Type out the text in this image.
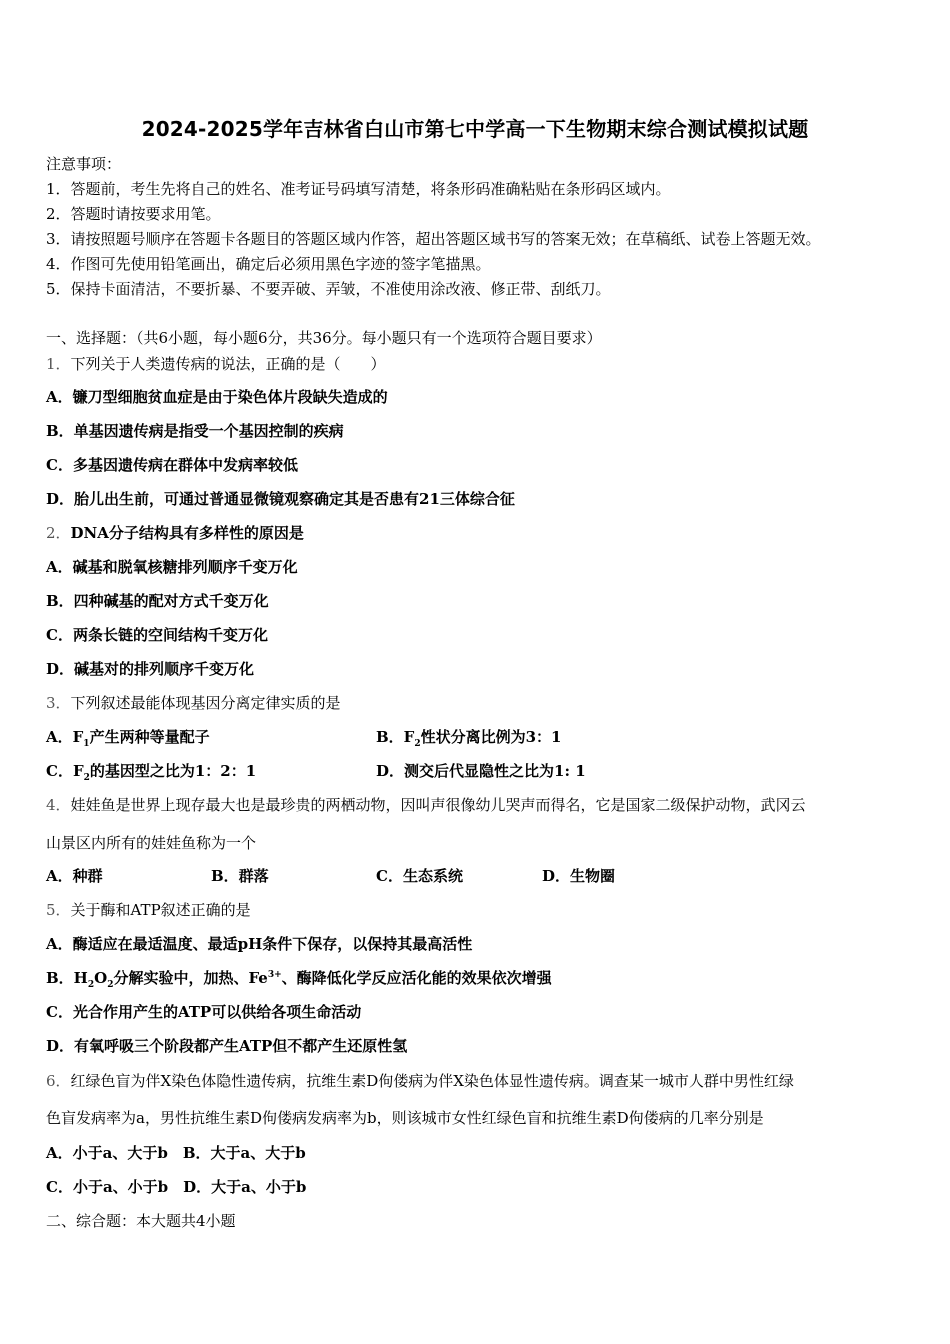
2024-2025学年吉林省白山市第七中学高一下生物期末综合测试模拟试题
注意事项：
1．答题前，考生先将自己的姓名、准考证号码填写清楚，将条形码准确粘贴在条形码区域内。
2．答题时请按要求用笔。
3．请按照题号顺序在答题卡各题目的答题区域内作答，超出答题区域书写的答案无效；在草稿纸、试卷上答题无效。
4．作图可先使用铅笔画出，确定后必须用黑色字迹的签字笔描黑。
5．保持卡面清洁，不要折暴、不要弄破、弄皱，不准使用涂改液、修正带、刮纸刀。
一、选择题：（共6小题，每小题6分，共36分。每小题只有一个选项符合题目要求）
1．下列关于人类遗传病的说法，正确的是（　　）
A．镰刀型细胞贫血症是由于染色体片段缺失造成的
B．单基因遗传病是指受一个基因控制的疾病
C．多基因遗传病在群体中发病率较低
D．胎儿出生前，可通过普通显微镜观察确定其是否患有21三体综合征
2．DNA分子结构具有多样性的原因是
A．碱基和脱氧核糖排列顺序千变万化
B．四种碱基的配对方式千变万化
C．两条长链的空间结构千变万化
D．碱基对的排列顺序千变万化
3．下列叙述最能体现基因分离定律实质的是
A．$F_1$产生两种等量配子	B．$F_2$性状分离比例为3：1
C．$F_2$的基因型之比为1：2：1	D．测交后代显隐性之比为1: 1
4．娃娃鱼是世界上现存最大也是最珍贵的两栖动物，因叫声很像幼儿哭声而得名，它是国家二级保护动物，武冈云
山景区内所有的娃娃鱼称为一个
A．种群	B．群落	C．生态系统	D．生物圈
5．关于酶和ATP叙述正确的是
A．酶适应在最适温度、最适pH条件下保存，以保持其最高活性
B．$H_2O_2$分解实验中，加热、$Fe^{3+}$、酶降低化学反应活化能的效果依次增强
C．光合作用产生的ATP可以供给各项生命活动
D．有氧呼吸三个阶段都产生ATP但不都产生还原性氢
6．红绿色盲为伴X染色体隐性遗传病，抗维生素D佝偻病为伴X染色体显性遗传病。调查某一城市人群中男性红绿
色盲发病率为a，男性抗维生素D佝偻病发病率为b，则该城市女性红绿色盲和抗维生素D佝偻病的几率分别是
A．小于a、大于b　B．大于a、大于b
C．小于a、小于b　D．大于a、小于b
二、综合题：本大题共4小题
